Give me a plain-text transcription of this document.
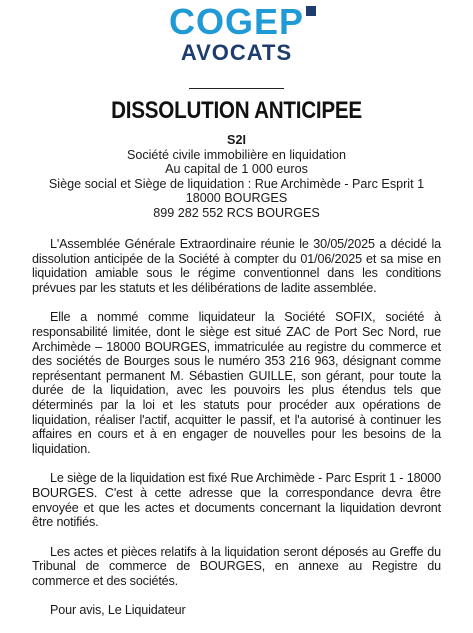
COGEP
AVOCATS
DISSOLUTION ANTICIPEE
S2I
Société civile immobilière en liquidation
Au capital de 1 000 euros
Siège social et Siège de liquidation : Rue Archimède - Parc Esprit 1
18000 BOURGES
899 282 552 RCS BOURGES

L'Assemblée Générale Extraordinaire réunie le 30/05/2025 a décidé la dissolution anticipée de la Société à compter du 01/06/2025 et sa mise en liquidation amiable sous le régime conventionnel dans les conditions prévues par les statuts et les délibérations de ladite assemblée.

Elle a nommé comme liquidateur la Société SOFIX, société à responsabilité limitée, dont le siège est situé ZAC de Port Sec Nord, rue Archimède – 18000 BOURGES, immatriculée au registre du commerce et des sociétés de Bourges sous le numéro 353 216 963, désignant comme représentant permanent M. Sébastien GUILLE, son gérant, pour toute la durée de la liquidation, avec les pouvoirs les plus étendus tels que déterminés par la loi et les statuts pour procéder aux opérations de liquidation, réaliser l'actif, acquitter le passif, et l'a autorisé à continuer les affaires en cours et à en engager de nouvelles pour les besoins de la liquidation.

Le siège de la liquidation est fixé Rue Archimède - Parc Esprit 1 - 18000 BOURGES. C'est à cette adresse que la correspondance devra être envoyée et que les actes et documents concernant la liquidation devront être notifiés.

Les actes et pièces relatifs à la liquidation seront déposés au Greffe du Tribunal de commerce de BOURGES, en annexe au Registre du commerce et des sociétés.

Pour avis, Le Liquidateur
